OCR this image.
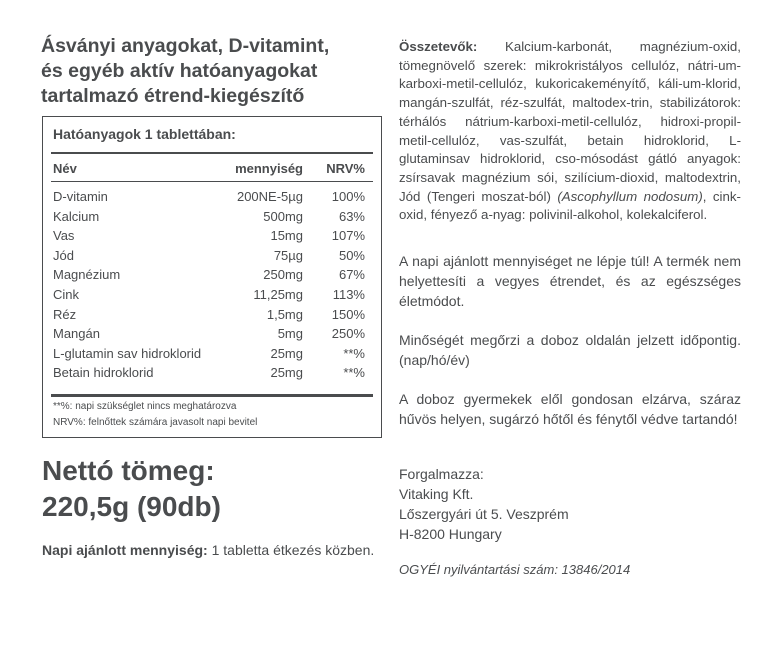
Ásványi anyagokat, D-vitamint,
és egyéb aktív hatóanyagokat
tartalmazó étrend-kiegészítő
Hatóanyagok 1 tablettában:
Név	mennyiség NRV%
D-vitamin	200NE-5µg 100%
Kalcium	500mg	63%
Vas	15mg 107%
Jód	75µg	50%
Magnézium	250mg	67%
Cink	11,25mg 113%
Réz	1,5mg 150%
Mangán	5mg 250%
L-glutamin sav hidroklorid	25mg	**%
Betain hidroklorid	25mg	**%
**%: napi szükséglet nincs meghatározva
NRV%: felnőttek számára javasolt napi bevitel
Nettó tömeg:
220,5g (90db)
Napi ajánlott mennyiség: 1 tabletta étkezés közben.
Összetevők: Kalcium-karbonát, magnézium-oxid, tömegnövelő szerek: mikrokristályos cellulóz, nátri-um-karboxi-metil-cellulóz, kukoricakeményítő, káli-um-klorid, mangán-szulfát, réz-szulfát, maltodex-trin, stabilizátorok: térhálós nátrium-karboxi-metil-cellulóz, hidroxi-propil-metil-cellulóz, vas-szulfát, betain hidroklorid, L-glutaminsav hidroklorid, cso-mósodást gátló anyagok: zsírsavak magnézium sói, szilícium-dioxid, maltodextrin, Jód (Tengeri moszat-ból) (Ascophyllum nodosum), cink-oxid, fényező a-nyag: polivinil-alkohol, kolekalciferol.
A napi ajánlott mennyiséget ne lépje túl! A termék nem helyettesíti a vegyes étrendet, és az egészséges életmódot.
Minőségét megőrzi a doboz oldalán jelzett időpontig. (nap/hó/év)
A doboz gyermekek elől gondosan elzárva, száraz hűvös helyen, sugárzó hőtől és fénytől védve tartandó!
Forgalmazza:
Vitaking Kft.
Lőszergyári út 5. Veszprém
H-8200 Hungary
OGYÉI nyilvántartási szám: 13846/2014
